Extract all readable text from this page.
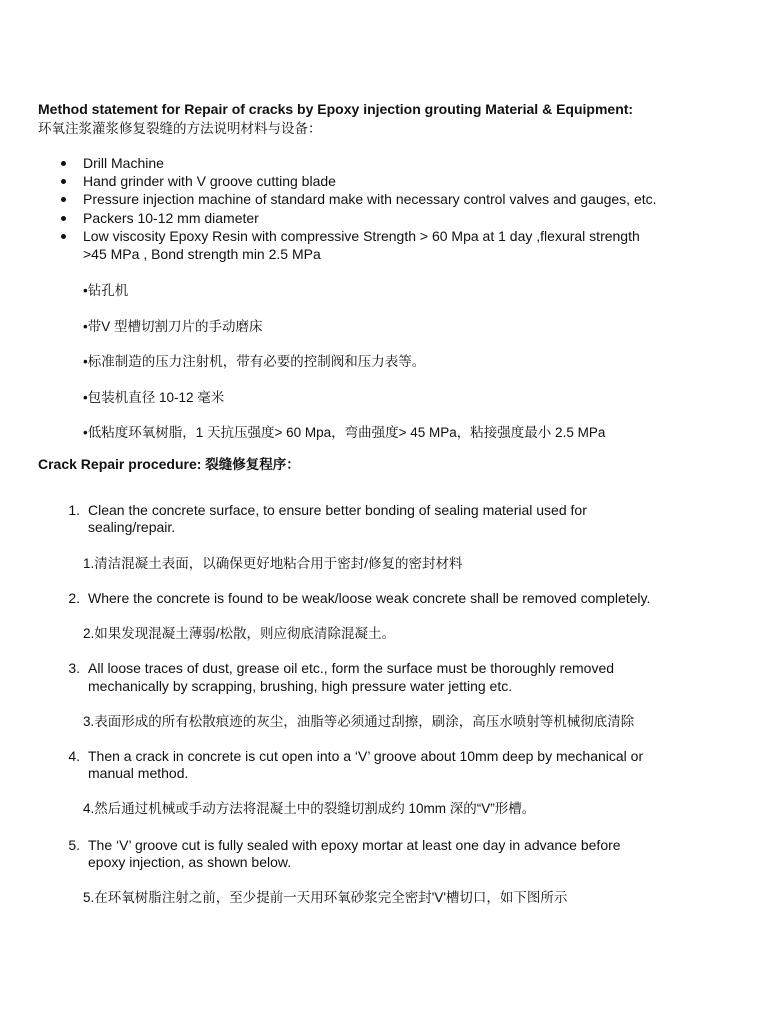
Method statement for Repair of cracks by Epoxy injection grouting Material & Equipment:
环氧注浆灌浆修复裂缝的方法说明材料与设备：
Drill Machine
Hand grinder with V groove cutting blade
Pressure injection machine of standard make with necessary control valves and gauges, etc.
Packers 10-12 mm diameter
Low viscosity Epoxy Resin with compressive Strength > 60 Mpa at 1 day ,flexural strength
>45 MPa , Bond strength min 2.5 MPa
•钻孔机
•带V 型槽切割刀片的手动磨床
•标准制造的压力注射机，带有必要的控制阀和压力表等。
•包装机直径 10-12 毫米
•低粘度环氧树脂，1 天抗压强度> 60 Mpa，弯曲强度> 45 MPa，粘接强度最小 2.5 MPa
Crack Repair procedure: 裂缝修复程序：
1. Clean the concrete surface, to ensure better bonding of sealing material used for
sealing/repair.
1.清洁混凝土表面，以确保更好地粘合用于密封/修复的密封材料
2. Where the concrete is found to be weak/loose weak concrete shall be removed completely.
2.如果发现混凝土薄弱/松散，则应彻底清除混凝土。
3. All loose traces of dust, grease oil etc., form the surface must be thoroughly removed
mechanically by scrapping, brushing, high pressure water jetting etc.
3.表面形成的所有松散痕迹的灰尘，油脂等必须通过刮擦，刷涂，高压水喷射等机械彻底清除
4. Then a crack in concrete is cut open into a ‘V’ groove about 10mm deep by mechanical or
manual method.
4.然后通过机械或手动方法将混凝土中的裂缝切割成约 10mm 深的“V”形槽。
5. The ‘V’ groove cut is fully sealed with epoxy mortar at least one day in advance before
epoxy injection, as shown below.
5.在环氧树脂注射之前，至少提前一天用环氧砂浆完全密封'V'槽切口，如下图所示
